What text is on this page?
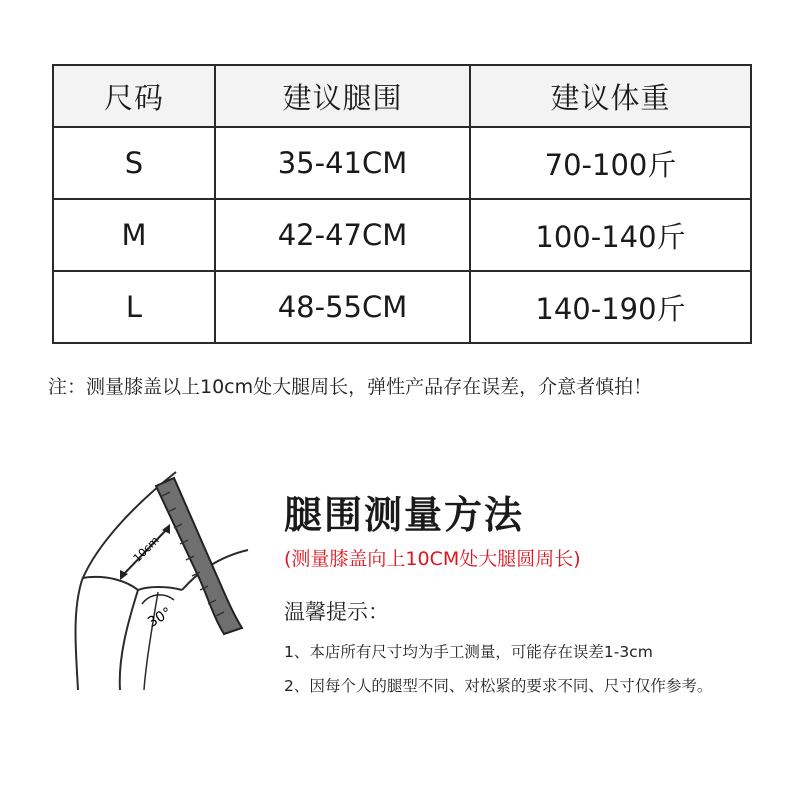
尺码	建议腿围	建议体重
S	35-41CM	70-100斤
M	42-47CM	100-140斤
L	48-55CM	140-190斤
注：测量膝盖以上10cm处大腿周长，弹性产品存在误差，介意者慎拍！
10cm
30°
腿围测量方法
(测量膝盖向上10CM处大腿圆周长)
温馨提示：
1、本店所有尺寸均为手工测量，可能存在误差1-3cm
2、因每个人的腿型不同、对松紧的要求不同、尺寸仅作参考。
